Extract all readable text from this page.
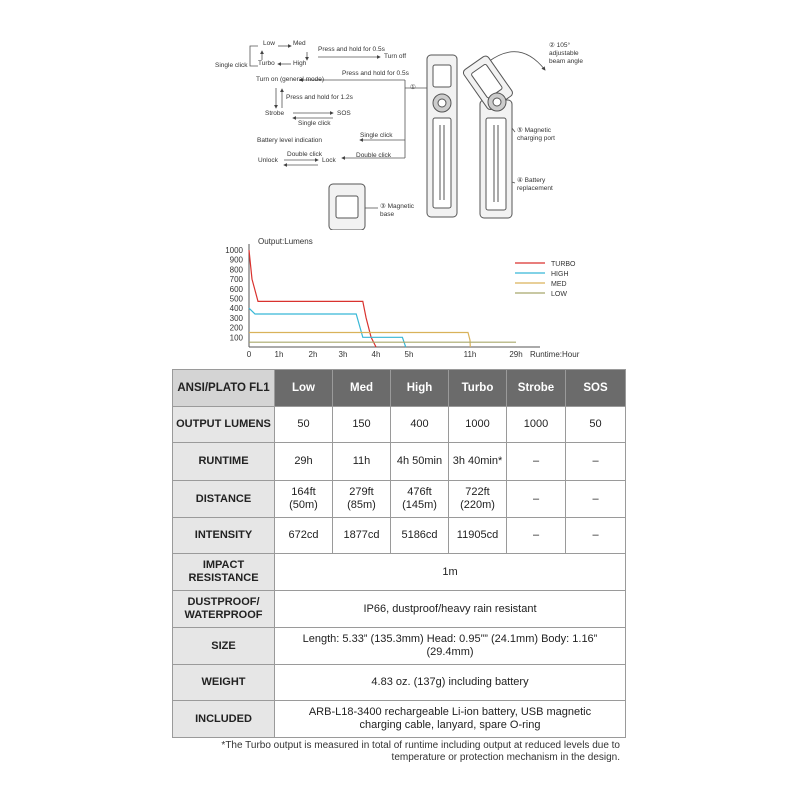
Low	Med
Turbo	High
Single click
Press and hold for 0.5s
Turn off
Turn on (general mode)
Press and hold for 0.5s
Press and hold for 1.2s
Strobe	SOS
Single click
Battery level indication
Single click
Double click
Unlock	Lock
Double click
①
② 105°
adjustable
beam angle
⑤ Magnetic
charging port
④ Battery
replacement
③ Magnetic
base
1000
900
800
700
600
500
400
300
200
100
0	1h	2h	3h	4h	5h	11h	29h
Output:Lumens
Runtime:Hour
TURBO
HIGH
MED
LOW
ANSI/PLATO FL1	Low	Med	High	Turbo	Strobe	SOS
OUTPUT LUMENS	50	150	400	1000	1000	50
RUNTIME	29h	11h	4h 50min	3h 40min*	–	–
DISTANCE	164ft (50m)	279ft (85m)	476ft (145m)	722ft (220m)	–	–
INTENSITY	672cd	1877cd	5186cd	11905cd	–	–
IMPACT RESISTANCE	1m					
DUSTPROOF/ WATERPROOF	IP66, dustproof/heavy rain resistant					
SIZE	Length: 5.33” (135.3mm) Head: 0.95”” (24.1mm) Body: 1.16” (29.4mm)					
WEIGHT	4.83 oz. (137g) including battery					
INCLUDED	ARB-L18-3400 rechargeable Li-ion battery, USB magnetic charging cable, lanyard, spare O-ring					
*The Turbo output is measured in total of runtime including output at reduced levels due to temperature or protection mechanism in the design.
